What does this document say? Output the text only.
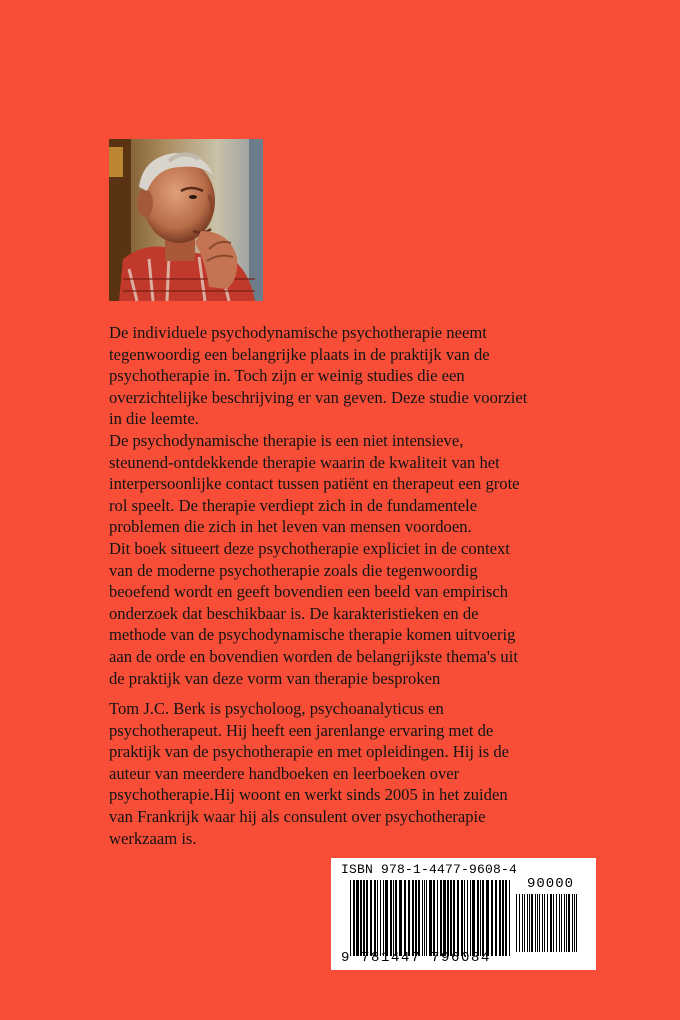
De individuele psychodynamische psychotherapie neemt
tegenwoordig een belangrijke plaats in de praktijk van de
psychotherapie in. Toch zijn er weinig studies die een
overzichtelijke beschrijving er van geven. Deze studie voorziet
in die leemte.
De psychodynamische therapie is een niet intensieve,
steunend-ontdekkende therapie waarin de kwaliteit van het
interpersoonlijke contact tussen patiënt en therapeut een grote
rol speelt. De therapie verdiept zich in de fundamentele
problemen die zich in het leven van mensen voordoen.
Dit boek situeert deze psychotherapie expliciet in de context
van de moderne psychotherapie zoals die tegenwoordig
beoefend wordt en geeft bovendien een beeld van empirisch
onderzoek dat beschikbaar is. De karakteristieken en de
methode van de psychodynamische therapie komen uitvoerig
aan de orde en bovendien worden de belangrijkste thema's uit
de praktijk van deze vorm van therapie besproken
Tom J.C. Berk is psycholoog, psychoanalyticus en
psychotherapeut. Hij heeft een jarenlange ervaring met de
praktijk van de psychotherapie en met opleidingen. Hij is de
auteur van meerdere handboeken en leerboeken over
psychotherapie.Hij woont en werkt sinds 2005 in het zuiden
van Frankrijk waar hij als consulent over psychotherapie
werkzaam is.
ISBN 978-1-4477-9608-4
90000
9 781447 796084
